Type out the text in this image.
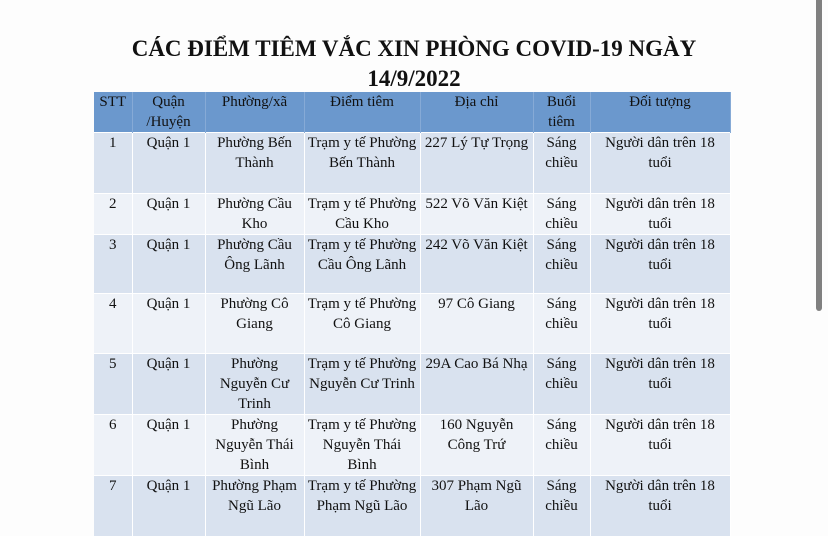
CÁC ĐIỂM TIÊM VẮC XIN PHÒNG COVID-19 NGÀY
14/9/2022
STT	Quận /Huyện	Phường/xã	Điểm tiêm	Địa chỉ	Buổi tiêm	Đối tượng
1	Quận 1	Phường Bến Thành	Trạm y tế Phường Bến Thành	227 Lý Tự Trọng	Sáng chiều	Người dân trên 18 tuổi
2	Quận 1	Phường Cầu Kho	Trạm y tế Phường Cầu Kho	522 Võ Văn Kiệt	Sáng chiều	Người dân trên 18 tuổi
3	Quận 1	Phường Cầu Ông Lãnh	Trạm y tế Phường Cầu Ông Lãnh	242 Võ Văn Kiệt	Sáng chiều	Người dân trên 18 tuổi
4	Quận 1	Phường Cô Giang	Trạm y tế Phường Cô Giang	97 Cô Giang	Sáng chiều	Người dân trên 18 tuổi
5	Quận 1	Phường Nguyễn Cư Trinh	Trạm y tế Phường Nguyễn Cư Trinh	29A Cao Bá Nhạ	Sáng chiều	Người dân trên 18 tuổi
6	Quận 1	Phường Nguyễn Thái Bình	Trạm y tế Phường Nguyễn Thái Bình	160 Nguyễn Công Trứ	Sáng chiều	Người dân trên 18 tuổi
7	Quận 1	Phường Phạm Ngũ Lão	Trạm y tế Phường Phạm Ngũ Lão	307 Phạm Ngũ Lão	Sáng chiều	Người dân trên 18 tuổi
